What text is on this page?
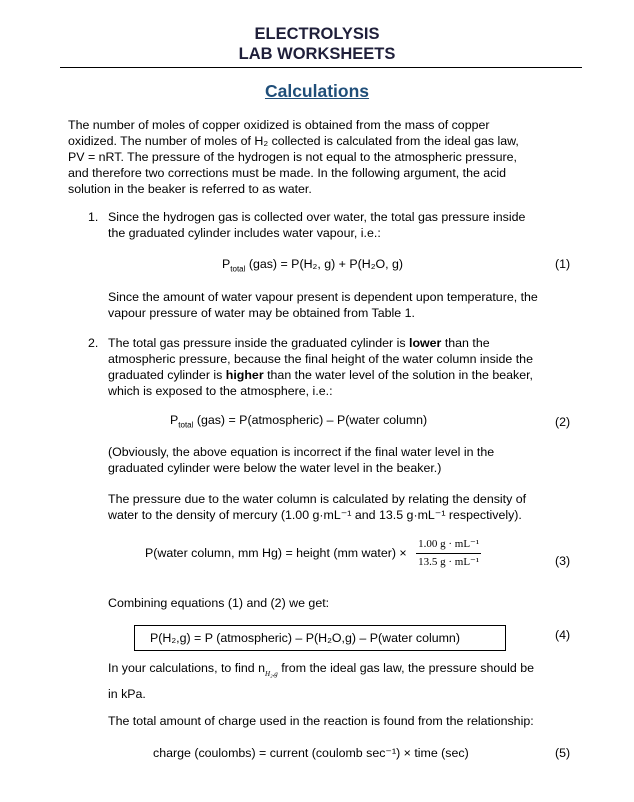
ELECTROLYSIS
LAB WORKSHEETS
Calculations
The number of moles of copper oxidized is obtained from the mass of copper
oxidized. The number of moles of H₂ collected is calculated from the ideal gas law,
PV = nRT. The pressure of the hydrogen is not equal to the atmospheric pressure,
and therefore two corrections must be made. In the following argument, the acid
solution in the beaker is referred to as water.
1. Since the hydrogen gas is collected over water, the total gas pressure inside
the graduated cylinder includes water vapour, i.e.:
$P_{total}$ (gas) = P(H₂, g) + P(H₂O, g)	(1)
Since the amount of water vapour present is dependent upon temperature, the
vapour pressure of water may be obtained from Table 1.
2. The total gas pressure inside the graduated cylinder is lower than the
atmospheric pressure, because the final height of the water column inside the
graduated cylinder is higher than the water level of the solution in the beaker,
which is exposed to the atmosphere, i.e.:
$P_{total}$ (gas) = P(atmospheric) – P(water column)	(2)
(Obviously, the above equation is incorrect if the final water level in the
graduated cylinder were below the water level in the beaker.)
The pressure due to the water column is calculated by relating the density of
water to the density of mercury (1.00 g·mL⁻¹ and 13.5 g·mL⁻¹ respectively).
P(water column, mm Hg) = height (mm water) × $\frac{\text{1.00 g · mL⁻¹}}{\text{13.5 g · mL⁻¹}}$	(3)
Combining equations (1) and (2) we get:
P(H₂,g) = P (atmospheric) – P(H₂O,g) – P(water column)	(4)
In your calculations, to find $n_{H_2,g}$ from the ideal gas law, the pressure should be
in kPa.
The total amount of charge used in the reaction is found from the relationship:
charge (coulombs) = current (coulomb sec⁻¹) × time (sec)	(5)
